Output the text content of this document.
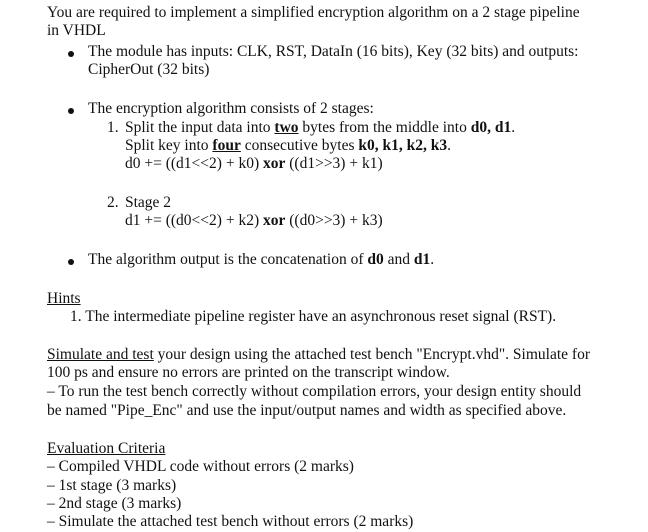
You are required to implement a simplified encryption algorithm on a 2 stage pipeline
in VHDL
The module has inputs: CLK, RST, DataIn (16 bits), Key (32 bits) and outputs:
CipherOut (32 bits)
The encryption algorithm consists of 2 stages:
1. Split the input data into two bytes from the middle into d0, d1.
Split key into four consecutive bytes k0, k1, k2, k3.
d0 += ((d1<<2) + k0) xor ((d1>>3) + k1)
2. Stage 2
d1 += ((d0<<2) + k2) xor ((d0>>3) + k3)
The algorithm output is the concatenation of d0 and d1.
Hints
1. The intermediate pipeline register have an asynchronous reset signal (RST).
Simulate and test your design using the attached test bench "Encrypt.vhd". Simulate for
100 ps and ensure no errors are printed on the transcript window.
– To run the test bench correctly without compilation errors, your design entity should
be named "Pipe_Enc" and use the input/output names and width as specified above.
Evaluation Criteria
– Compiled VHDL code without errors (2 marks)
– 1st stage (3 marks)
– 2nd stage (3 marks)
– Simulate the attached test bench without errors (2 marks)
